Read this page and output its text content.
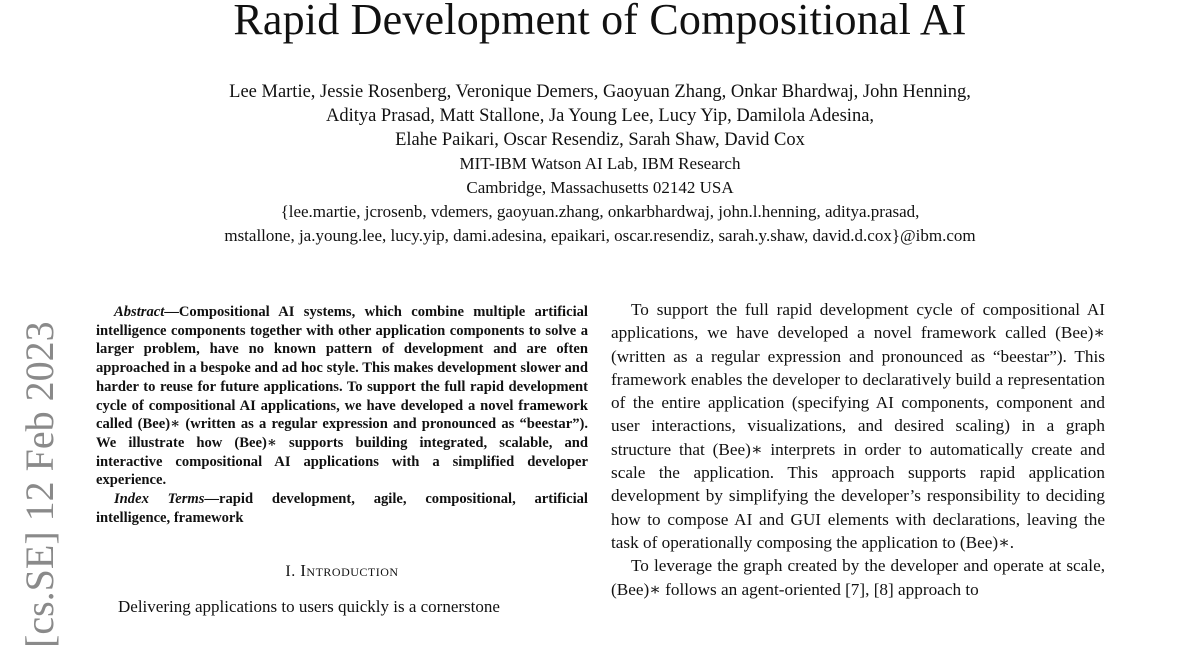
Rapid Development of Compositional AI
Lee Martie, Jessie Rosenberg, Veronique Demers, Gaoyuan Zhang, Onkar Bhardwaj, John Henning,
Aditya Prasad, Matt Stallone, Ja Young Lee, Lucy Yip, Damilola Adesina,
Elahe Paikari, Oscar Resendiz, Sarah Shaw, David Cox
MIT-IBM Watson AI Lab, IBM Research
Cambridge, Massachusetts 02142 USA
{lee.martie, jcrosenb, vdemers, gaoyuan.zhang, onkarbhardwaj, john.l.henning, aditya.prasad,
mstallone, ja.young.lee, lucy.yip, dami.adesina, epaikari, oscar.resendiz, sarah.y.shaw, david.d.cox}@ibm.com
[cs.SE] 12 Feb 2023

Abstract—Compositional AI systems, which combine multiple artificial intelligence components together with other application components to solve a larger problem, have no known pattern of development and are often approached in a bespoke and ad hoc style. This makes development slower and harder to reuse for future applications. To support the full rapid development cycle of compositional AI applications, we have developed a novel framework called (Bee)∗ (written as a regular expression and pronounced as “beestar”). We illustrate how (Bee)∗ supports building integrated, scalable, and interactive compositional AI applications with a simplified developer experience.

Index Terms—rapid development, agile, compositional, artificial intelligence, framework

I. Introduction

Delivering applications to users quickly is a cornerstone

To support the full rapid development cycle of compositional AI applications, we have developed a novel framework called (Bee)∗ (written as a regular expression and pronounced as “beestar”). This framework enables the developer to declaratively build a representation of the entire application (specifying AI components, component and user interactions, visualizations, and desired scaling) in a graph structure that (Bee)∗ interprets in order to automatically create and scale the application. This approach supports rapid application development by simplifying the developer’s responsibility to deciding how to compose AI and GUI elements with declarations, leaving the task of operationally composing the application to (Bee)∗.

To leverage the graph created by the developer and operate at scale, (Bee)∗ follows an agent-oriented [7], [8] approach to
